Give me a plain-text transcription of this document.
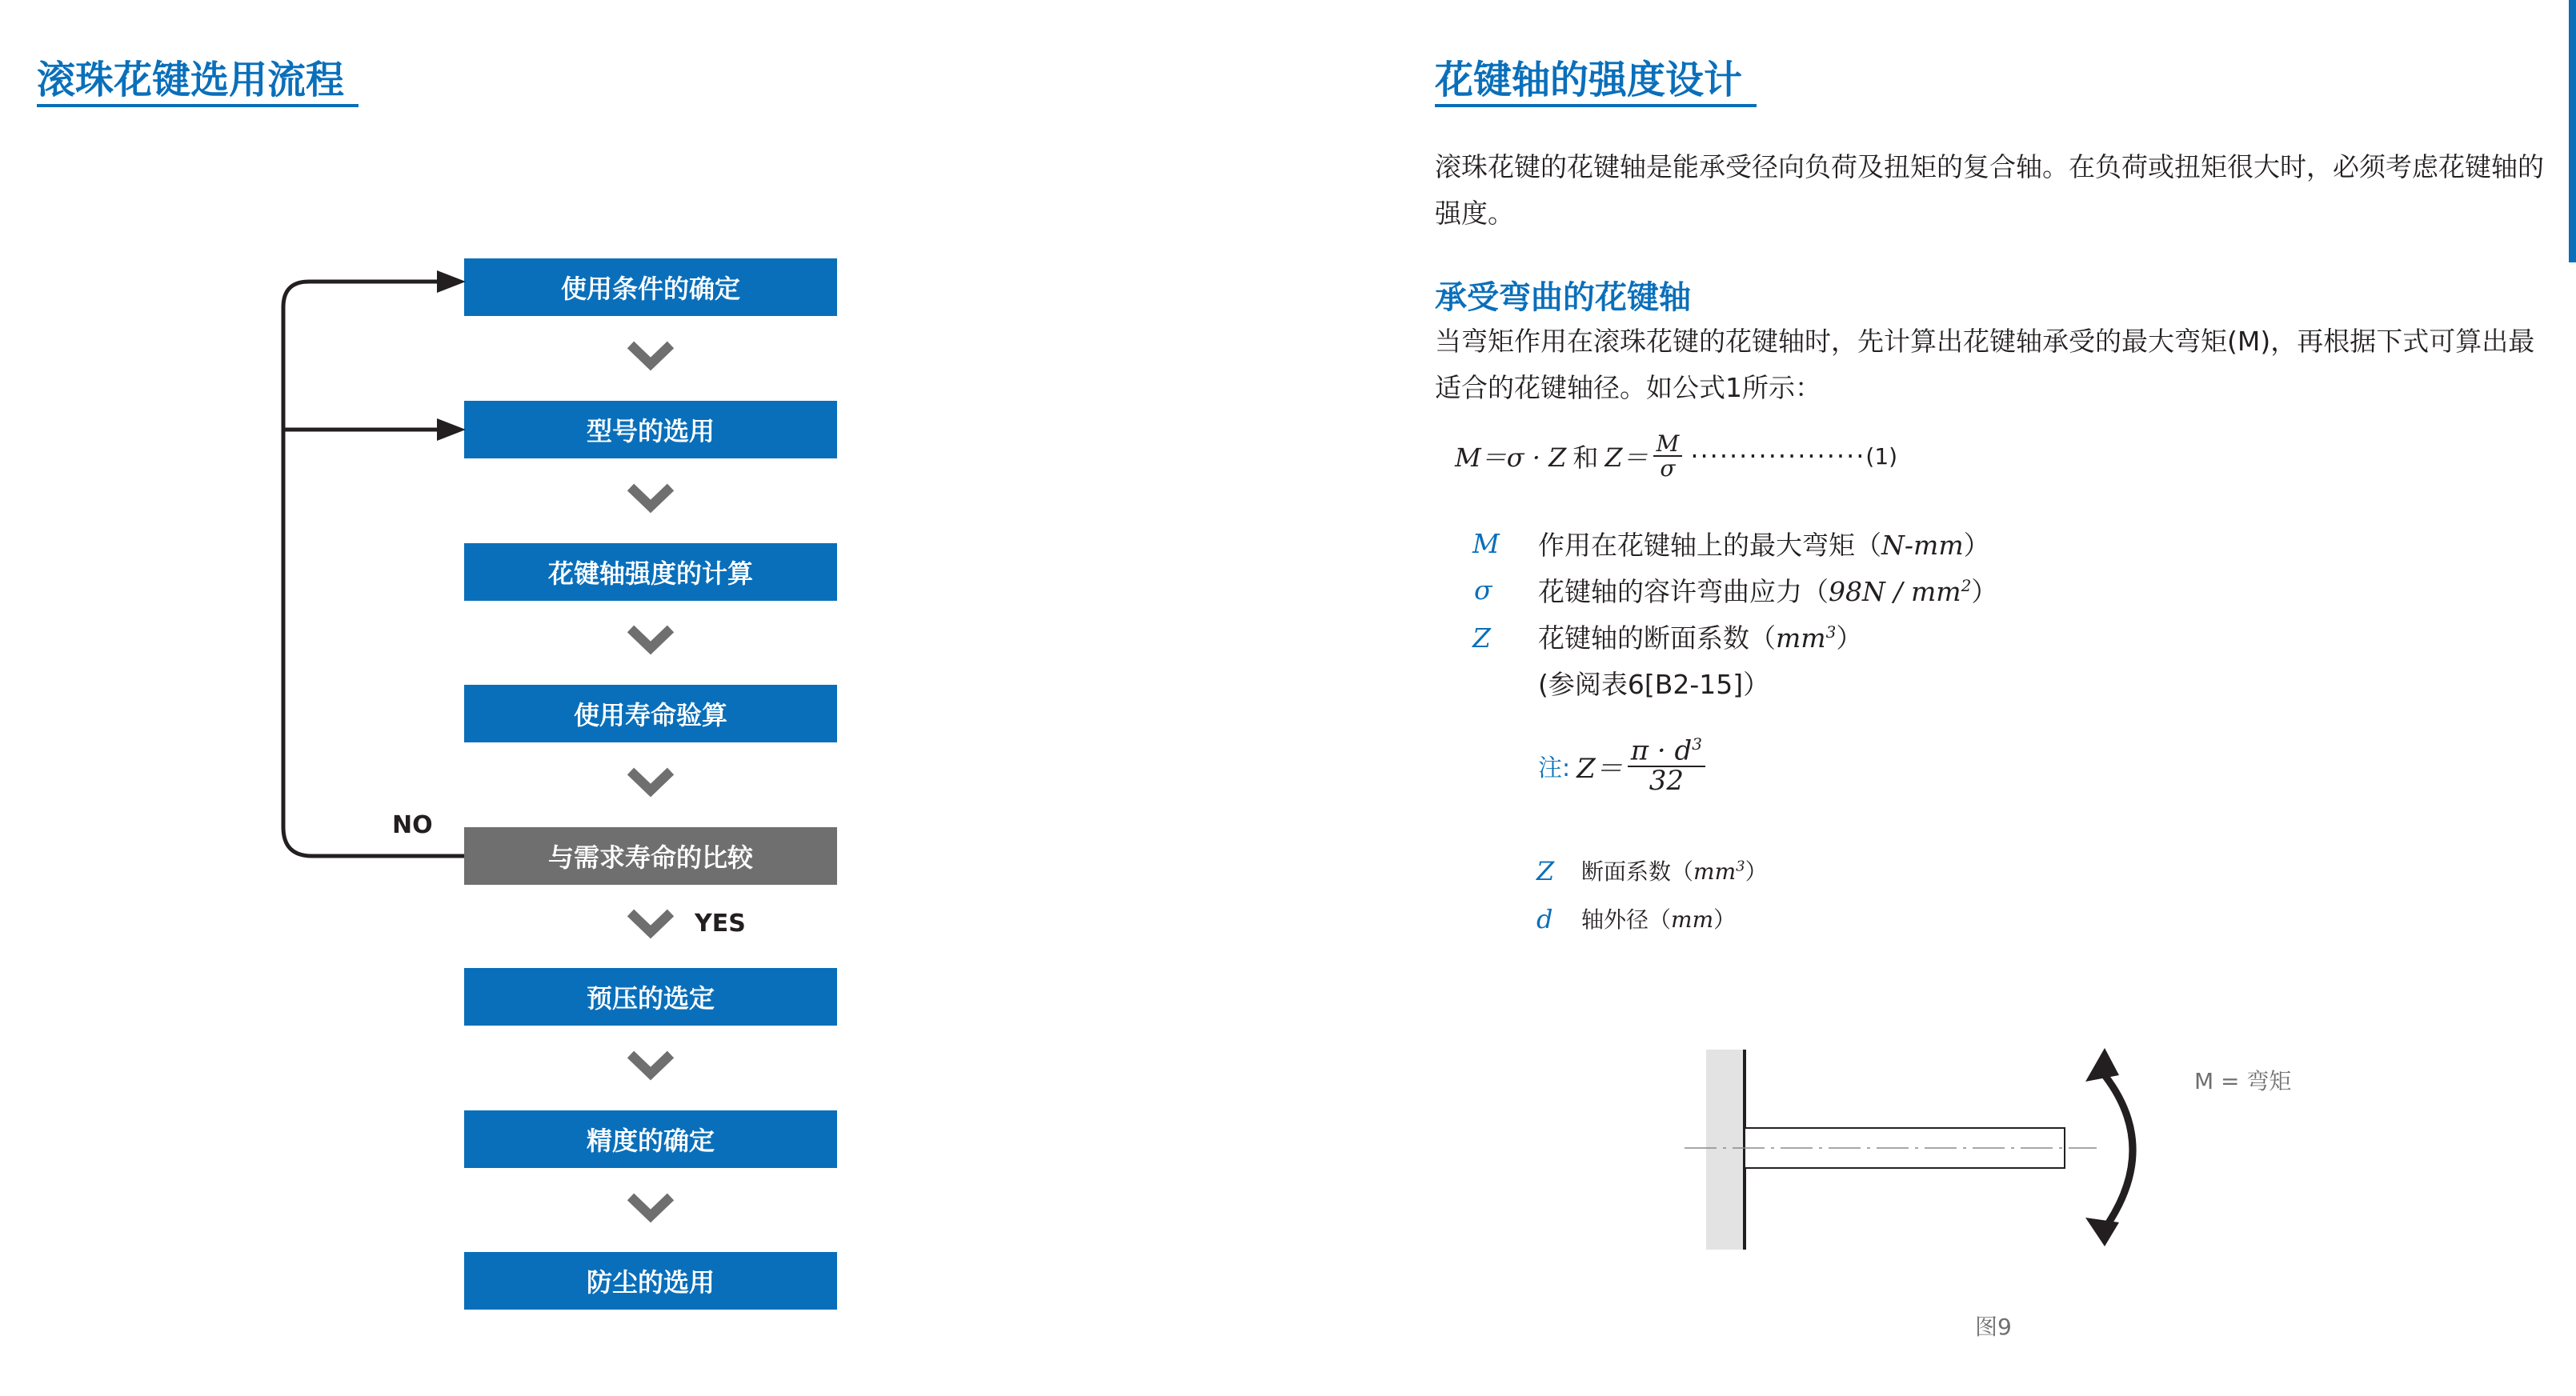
滚珠花键选用流程
使用条件的确定
型号的选用
花键轴强度的计算
使用寿命验算
与需求寿命的比较
预压的选定
精度的确定
防尘的选用
YES
NO
花键轴的强度设计
滚珠花键的花键轴是能承受径向负荷及扭矩的复合轴。在负荷或扭矩很大时，必须考虑花键轴的强度。
承受弯曲的花键轴
当弯矩作用在滚珠花键的花键轴时，先计算出花键轴承受的最大弯矩(M)，再根据下式可算出最适合的花键轴径。如公式1所示：
M＝σ · Z 和 $Z= \frac{M}{\sigma}$ ·················· (1)
M 作用在花键轴上的最大弯矩（N-mm）
σ 花键轴的容许弯曲应力$(98N / mm^2)$
Z 花键轴的断面系数$(mm^3)$
(参阅表6[B2-15]）
注: $Z= \frac{\pi \cdot d^3}{32}$
Z 断面系数$(mm^3)$
d 轴外径（mm）
M = 弯矩
图9
